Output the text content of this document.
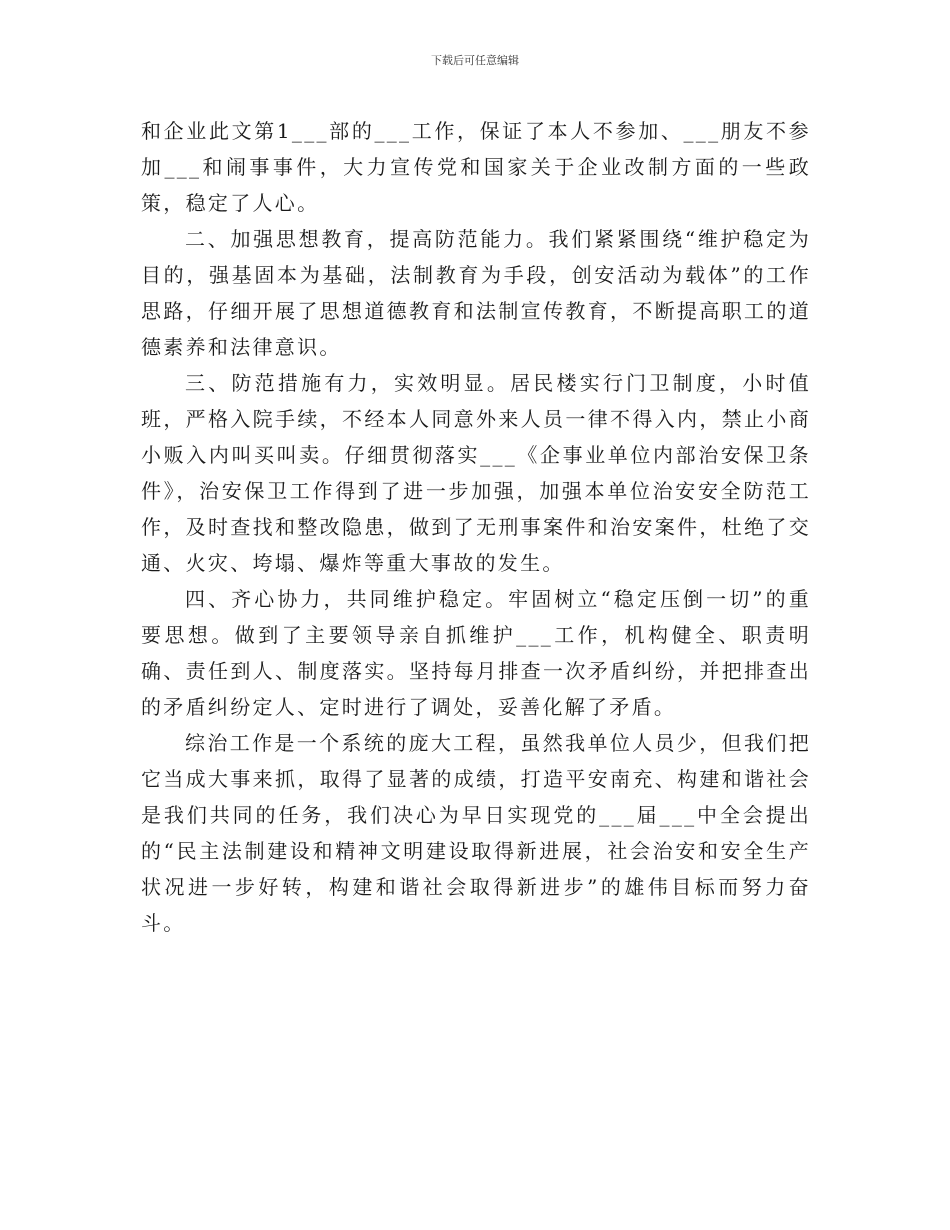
下载后可任意编辑

和企业此文第1___部的___工作，保证了本人不参加、___朋友不参加___和闹事事件，大力宣传党和国家关于企业改制方面的一些政策，稳定了人心。

二、加强思想教育，提高防范能力。我们紧紧围绕“维护稳定为目的，强基固本为基础，法制教育为手段，创安活动为载体”的工作思路，仔细开展了思想道德教育和法制宣传教育，不断提高职工的道德素养和法律意识。

三、防范措施有力，实效明显。居民楼实行门卫制度，小时值班，严格入院手续，不经本人同意外来人员一律不得入内，禁止小商小贩入内叫买叫卖。仔细贯彻落实___《企事业单位内部治安保卫条件》，治安保卫工作得到了进一步加强，加强本单位治安安全防范工作，及时查找和整改隐患，做到了无刑事案件和治安案件，杜绝了交通、火灾、垮塌、爆炸等重大事故的发生。

四、齐心协力，共同维护稳定。牢固树立“稳定压倒一切”的重要思想。做到了主要领导亲自抓维护___工作，机构健全、职责明确、责任到人、制度落实。坚持每月排查一次矛盾纠纷，并把排查出的矛盾纠纷定人、定时进行了调处，妥善化解了矛盾。

综治工作是一个系统的庞大工程，虽然我单位人员少，但我们把它当成大事来抓，取得了显著的成绩，打造平安南充、构建和谐社会是我们共同的任务，我们决心为早日实现党的___届___中全会提出的“民主法制建设和精神文明建设取得新进展，社会治安和安全生产状况进一步好转，构建和谐社会取得新进步”的雄伟目标而努力奋斗。
